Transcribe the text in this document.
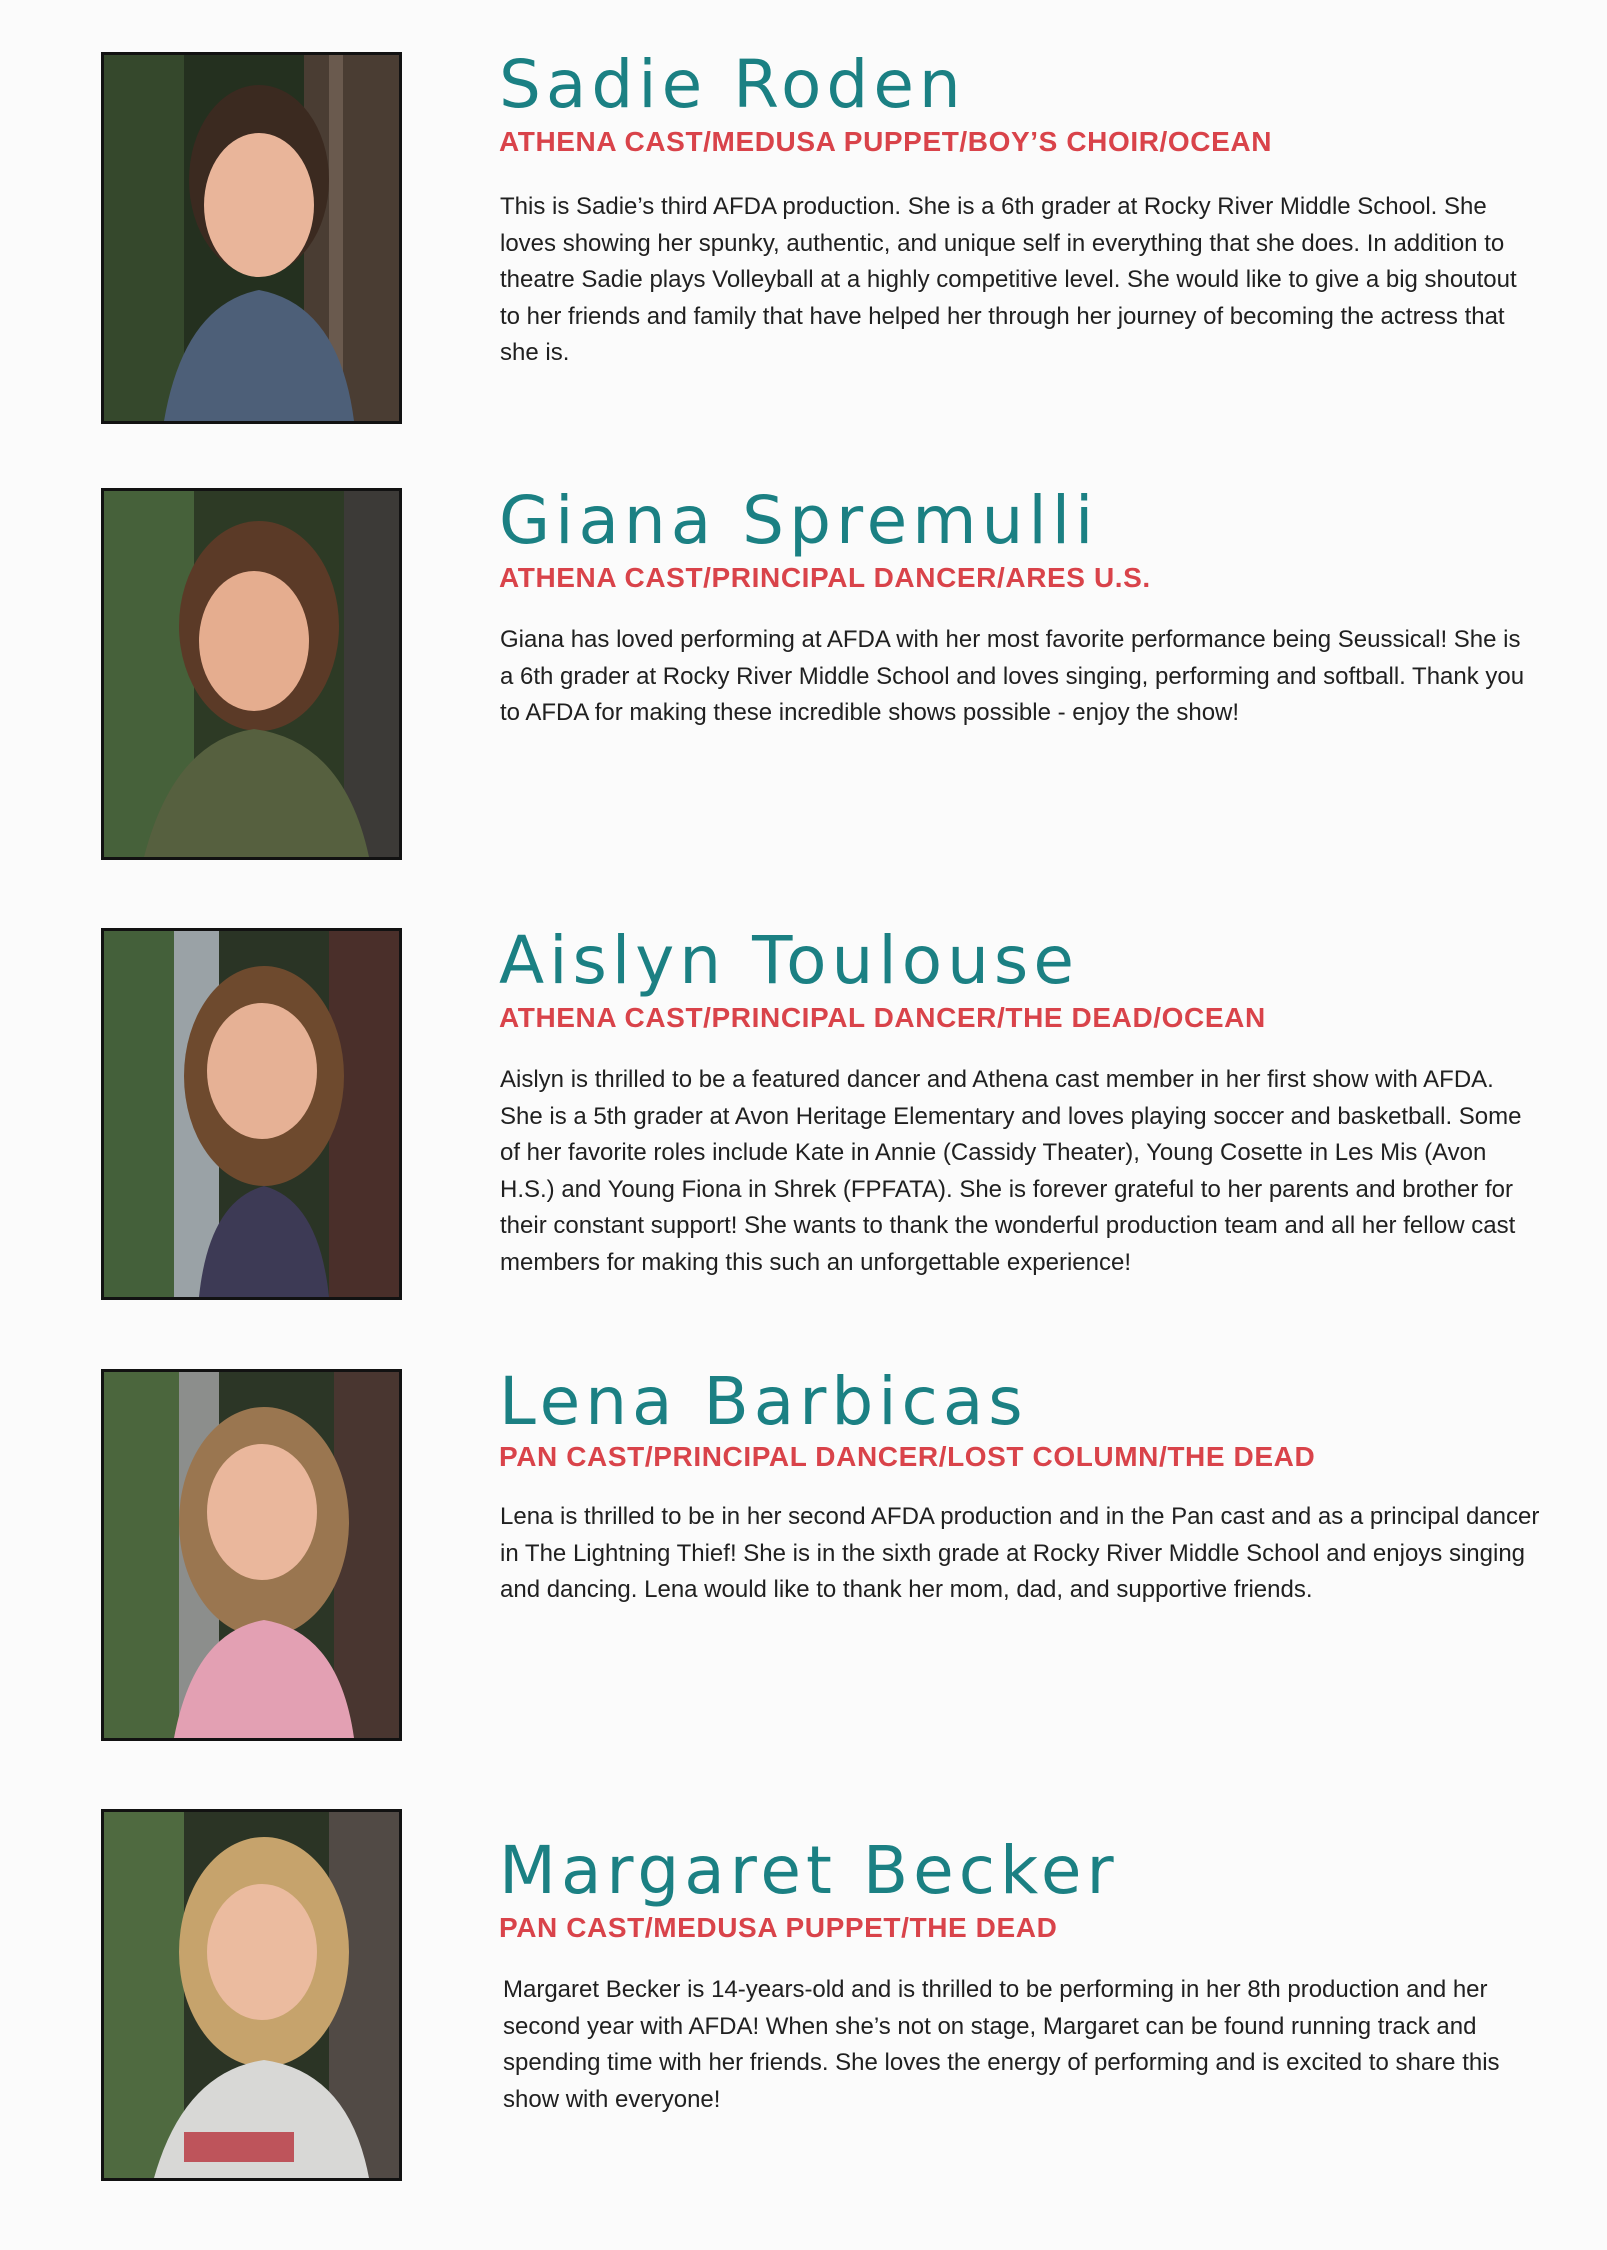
Sadie Roden
ATHENA CAST/MEDUSA PUPPET/BOY’S CHOIR/OCEAN

This is Sadie’s third AFDA production. She is a 6th grader at Rocky River Middle School. She loves showing her spunky, authentic, and unique self in everything that she does. In addition to theatre Sadie plays Volleyball at a highly competitive level. She would like to give a big shoutout to her friends and family that have helped her through her journey of becoming the actress that she is.

Giana Spremulli
ATHENA CAST/PRINCIPAL DANCER/ARES U.S.

Giana has loved performing at AFDA with her most favorite performance being Seussical! She is a 6th grader at Rocky River Middle School and loves singing, performing and softball. Thank you to AFDA for making these incredible shows possible - enjoy the show!

Aislyn Toulouse
ATHENA CAST/PRINCIPAL DANCER/THE DEAD/OCEAN

Aislyn is thrilled to be a featured dancer and Athena cast member in her first show with AFDA. She is a 5th grader at Avon Heritage Elementary and loves playing soccer and basketball. Some of her favorite roles include Kate in Annie (Cassidy Theater), Young Cosette in Les Mis (Avon H.S.) and Young Fiona in Shrek (FPFATA). She is forever grateful to her parents and brother for their constant support! She wants to thank the wonderful production team and all her fellow cast members for making this such an unforgettable experience!

Lena Barbicas
PAN CAST/PRINCIPAL DANCER/LOST COLUMN/THE DEAD

Lena is thrilled to be in her second AFDA production and in the Pan cast and as a principal dancer in The Lightning Thief! She is in the sixth grade at Rocky River Middle School and enjoys singing and dancing. Lena would like to thank her mom, dad, and supportive friends.

Margaret Becker
PAN CAST/MEDUSA PUPPET/THE DEAD

Margaret Becker is 14-years-old and is thrilled to be performing in her 8th production and her second year with AFDA! When she’s not on stage, Margaret can be found running track and spending time with her friends. She loves the energy of performing and is excited to share this show with everyone!
